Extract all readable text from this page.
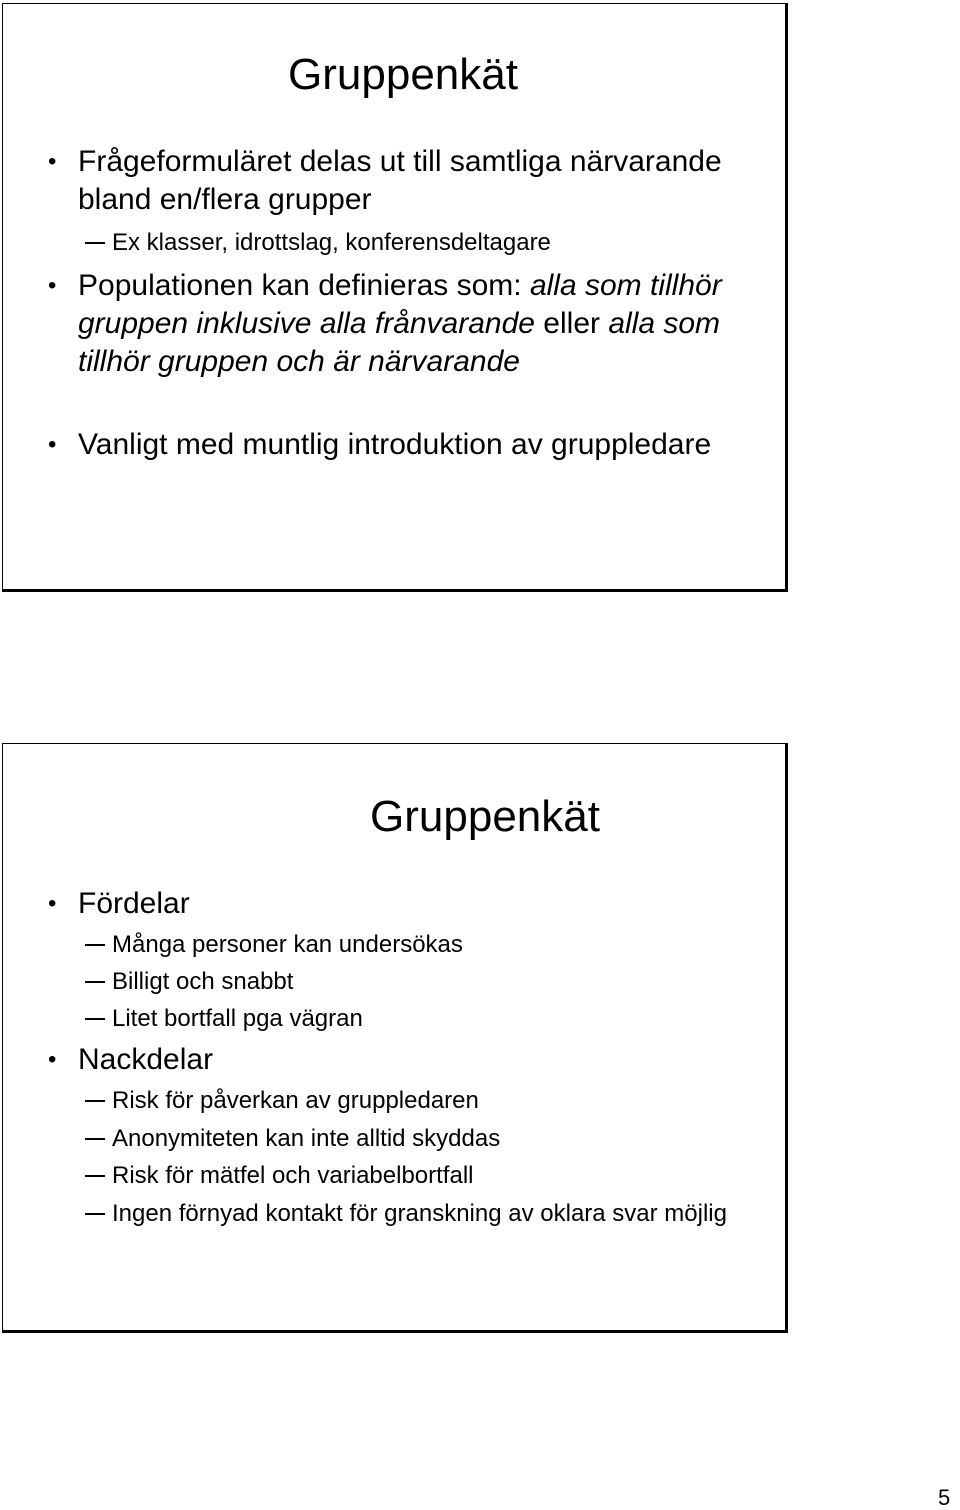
Gruppenkät
• Frågeformuläret delas ut till samtliga närvarande bland en/flera grupper
Ex klasser, idrottslag, konferensdeltagare
• Populationen kan definieras som: alla som tillhör gruppen inklusive alla frånvarande eller alla som tillhör gruppen och är närvarande
• Vanligt med muntlig introduktion av gruppledare
Gruppenkät
• Fördelar
Många personer kan undersökas
Billigt och snabbt
Litet bortfall pga vägran
• Nackdelar
Risk för påverkan av gruppledaren
Anonymiteten kan inte alltid skyddas
Risk för mätfel och variabelbortfall
Ingen förnyad kontakt för granskning av oklara svar möjlig
5
